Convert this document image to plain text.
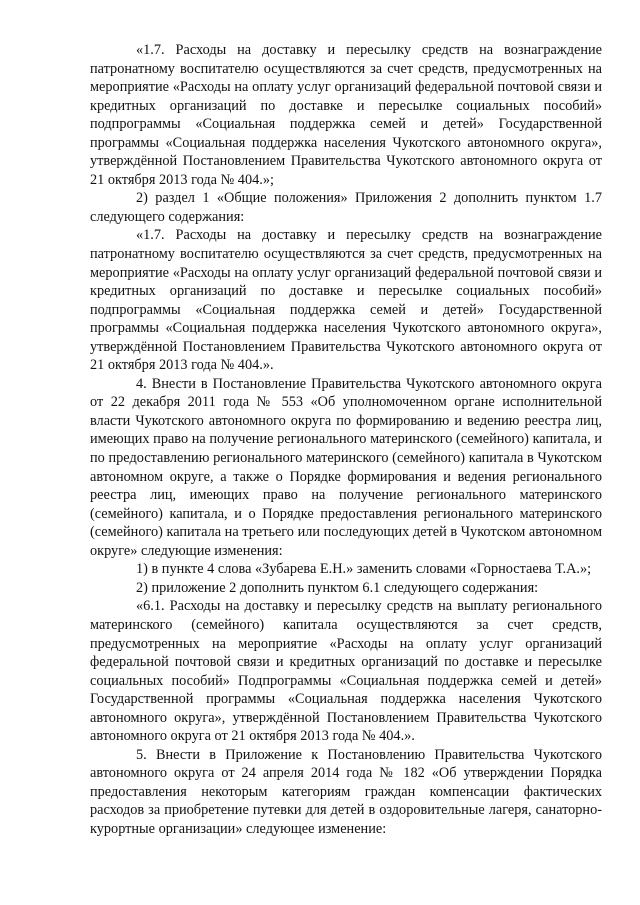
«1.7. Расходы на доставку и пересылку средств на вознаграждение патронатному воспитателю осуществляются за счет средств, предусмотренных на мероприятие «Расходы на оплату услуг организаций федеральной почтовой связи и кредитных организаций по доставке и пересылке социальных пособий» подпрограммы «Социальная поддержка семей и детей» Государственной программы «Социальная поддержка населения Чукотского автономного округа», утверждённой Постановлением Правительства Чукотского автономного округа от 21 октября 2013 года № 404.»;

2) раздел 1 «Общие положения» Приложения 2 дополнить пунктом 1.7 следующего содержания:

«1.7. Расходы на доставку и пересылку средств на вознаграждение патронатному воспитателю осуществляются за счет средств, предусмотренных на мероприятие «Расходы на оплату услуг организаций федеральной почтовой связи и кредитных организаций по доставке и пересылке социальных пособий» подпрограммы «Социальная поддержка семей и детей» Государственной программы «Социальная поддержка населения Чукотского автономного округа», утверждённой Постановлением Правительства Чукотского автономного округа от 21 октября 2013 года № 404.».

4. Внести в Постановление Правительства Чукотского автономного округа от 22 декабря 2011 года № 553 «Об уполномоченном органе исполнительной власти Чукотского автономного округа по формированию и ведению реестра лиц, имеющих право на получение регионального материнского (семейного) капитала, и по предоставлению регионального материнского (семейного) капитала в Чукотском автономном округе, а также о Порядке формирования и ведения регионального реестра лиц, имеющих право на получение регионального материнского (семейного) капитала, и о Порядке предоставления регионального материнского (семейного) капитала на третьего или последующих детей в Чукотском автономном округе» следующие изменения:

1) в пункте 4 слова «Зубарева Е.Н.» заменить словами «Горностаева Т.А.»;

2) приложение 2 дополнить пунктом 6.1 следующего содержания:

«6.1. Расходы на доставку и пересылку средств на выплату регионального материнского (семейного) капитала осуществляются за счет средств, предусмотренных на мероприятие «Расходы на оплату услуг организаций федеральной почтовой связи и кредитных организаций по доставке и пересылке социальных пособий» Подпрограммы «Социальная поддержка семей и детей» Государственной программы «Социальная поддержка населения Чукотского автономного округа», утверждённой Постановлением Правительства Чукотского автономного округа от 21 октября 2013 года № 404.».

5. Внести в Приложение к Постановлению Правительства Чукотского автономного округа от 24 апреля 2014 года № 182 «Об утверждении Порядка предоставления некоторым категориям граждан компенсации фактических расходов за приобретение путевки для детей в оздоровительные лагеря, санаторно-курортные организации» следующее изменение:
